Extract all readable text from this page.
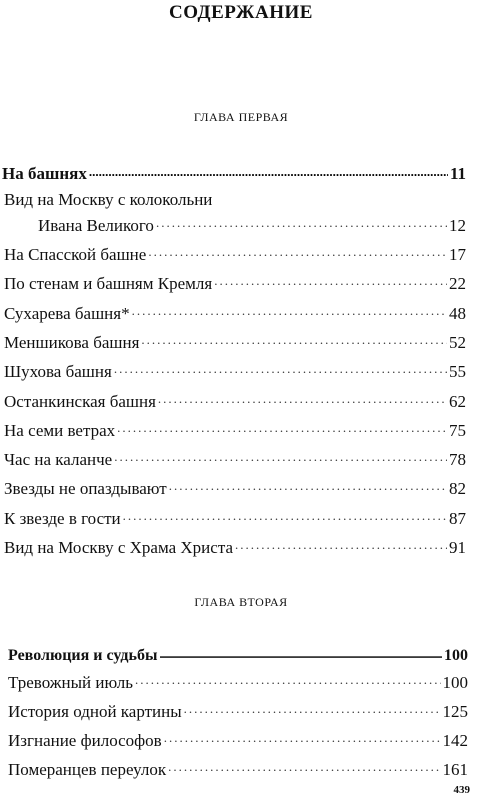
СОДЕРЖАНИЕ
ГЛАВА ПЕРВАЯ
На башнях .....	11
Вид на Москву с колокольни
Ивана Великого .....	12
На Спасской башне .....	17
По стенам и башням Кремля .....	22
Сухарева башня* .....	48
Меншикова башня .....	52
Шухова башня .....	55
Останкинская башня .....	62
На семи ветрах .....	75
Час на каланче .....	78
Звезды не опаздывают .....	82
К звезде в гости .....	87
Вид на Москву с Храма Христа .....	91
ГЛАВА ВТОРАЯ
Революция и судьбы .....	100
Тревожный июль .....	100
История одной картины .....	125
Изгнание философов .....	142
Померанцев переулок .....	161
439
